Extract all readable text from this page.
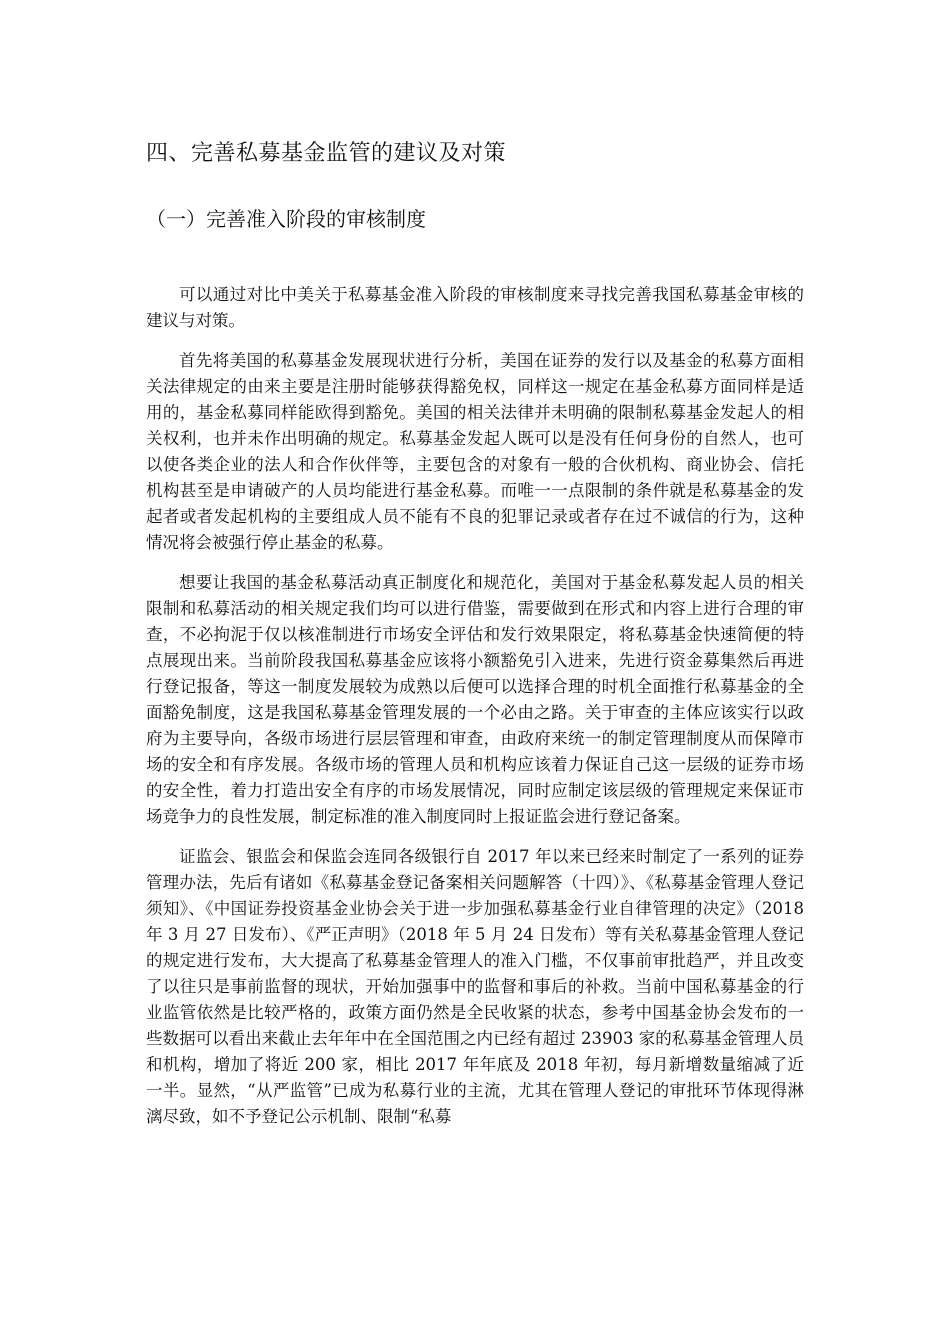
四、完善私募基金监管的建议及对策
（一）完善准入阶段的审核制度

可以通过对比中美关于私募基金准入阶段的审核制度来寻找完善我国私募基金审核的建议与对策。

首先将美国的私募基金发展现状进行分析，美国在证券的发行以及基金的私募方面相关法律规定的由来主要是注册时能够获得豁免权，同样这一规定在基金私募方面同样是适用的，基金私募同样能欧得到豁免。美国的相关法律并未明确的限制私募基金发起人的相关权利，也并未作出明确的规定。私募基金发起人既可以是没有任何身份的自然人，也可以使各类企业的法人和合作伙伴等，主要包含的对象有一般的合伙机构、商业协会、信托机构甚至是申请破产的人员均能进行基金私募。而唯一一点限制的条件就是私募基金的发起者或者发起机构的主要组成人员不能有不良的犯罪记录或者存在过不诚信的行为，这种情况将会被强行停止基金的私募。

想要让我国的基金私募活动真正制度化和规范化，美国对于基金私募发起人员的相关限制和私募活动的相关规定我们均可以进行借鉴，需要做到在形式和内容上进行合理的审查，不必拘泥于仅以核准制进行市场安全评估和发行效果限定，将私募基金快速简便的特点展现出来。当前阶段我国私募基金应该将小额豁免引入进来，先进行资金募集然后再进行登记报备，等这一制度发展较为成熟以后便可以选择合理的时机全面推行私募基金的全面豁免制度，这是我国私募基金管理发展的一个必由之路。关于审查的主体应该实行以政府为主要导向，各级市场进行层层管理和审查，由政府来统一的制定管理制度从而保障市场的安全和有序发展。各级市场的管理人员和机构应该着力保证自己这一层级的证券市场的安全性，着力打造出安全有序的市场发展情况，同时应制定该层级的管理规定来保证市场竞争力的良性发展，制定标准的准入制度同时上报证监会进行登记备案。

证监会、银监会和保监会连同各级银行自 2017 年以来已经来时制定了一系列的证券管理办法，先后有诸如《私募基金登记备案相关问题解答（十四）》、《私募基金管理人登记须知》、《中国证券投资基金业协会关于进一步加强私募基金行业自律管理的决定》（2018 年 3 月 27 日发布）、《严正声明》（2018 年 5 月 24 日发布）等有关私募基金管理人登记的规定进行发布，大大提高了私募基金管理人的准入门槛，不仅事前审批趋严，并且改变了以往只是事前监督的现状，开始加强事中的监督和事后的补救。当前中国私募基金的行业监管依然是比较严格的，政策方面仍然是全民收紧的状态，参考中国基金协会发布的一些数据可以看出来截止去年年中在全国范围之内已经有超过 23903 家的私募基金管理人员和机构，增加了将近 200 家，相比 2017 年年底及 2018 年初，每月新增数量缩减了近一半。显然，“从严监管”已成为私募行业的主流，尤其在管理人登记的审批环节体现得淋漓尽致，如不予登记公示机制、限制“私募
